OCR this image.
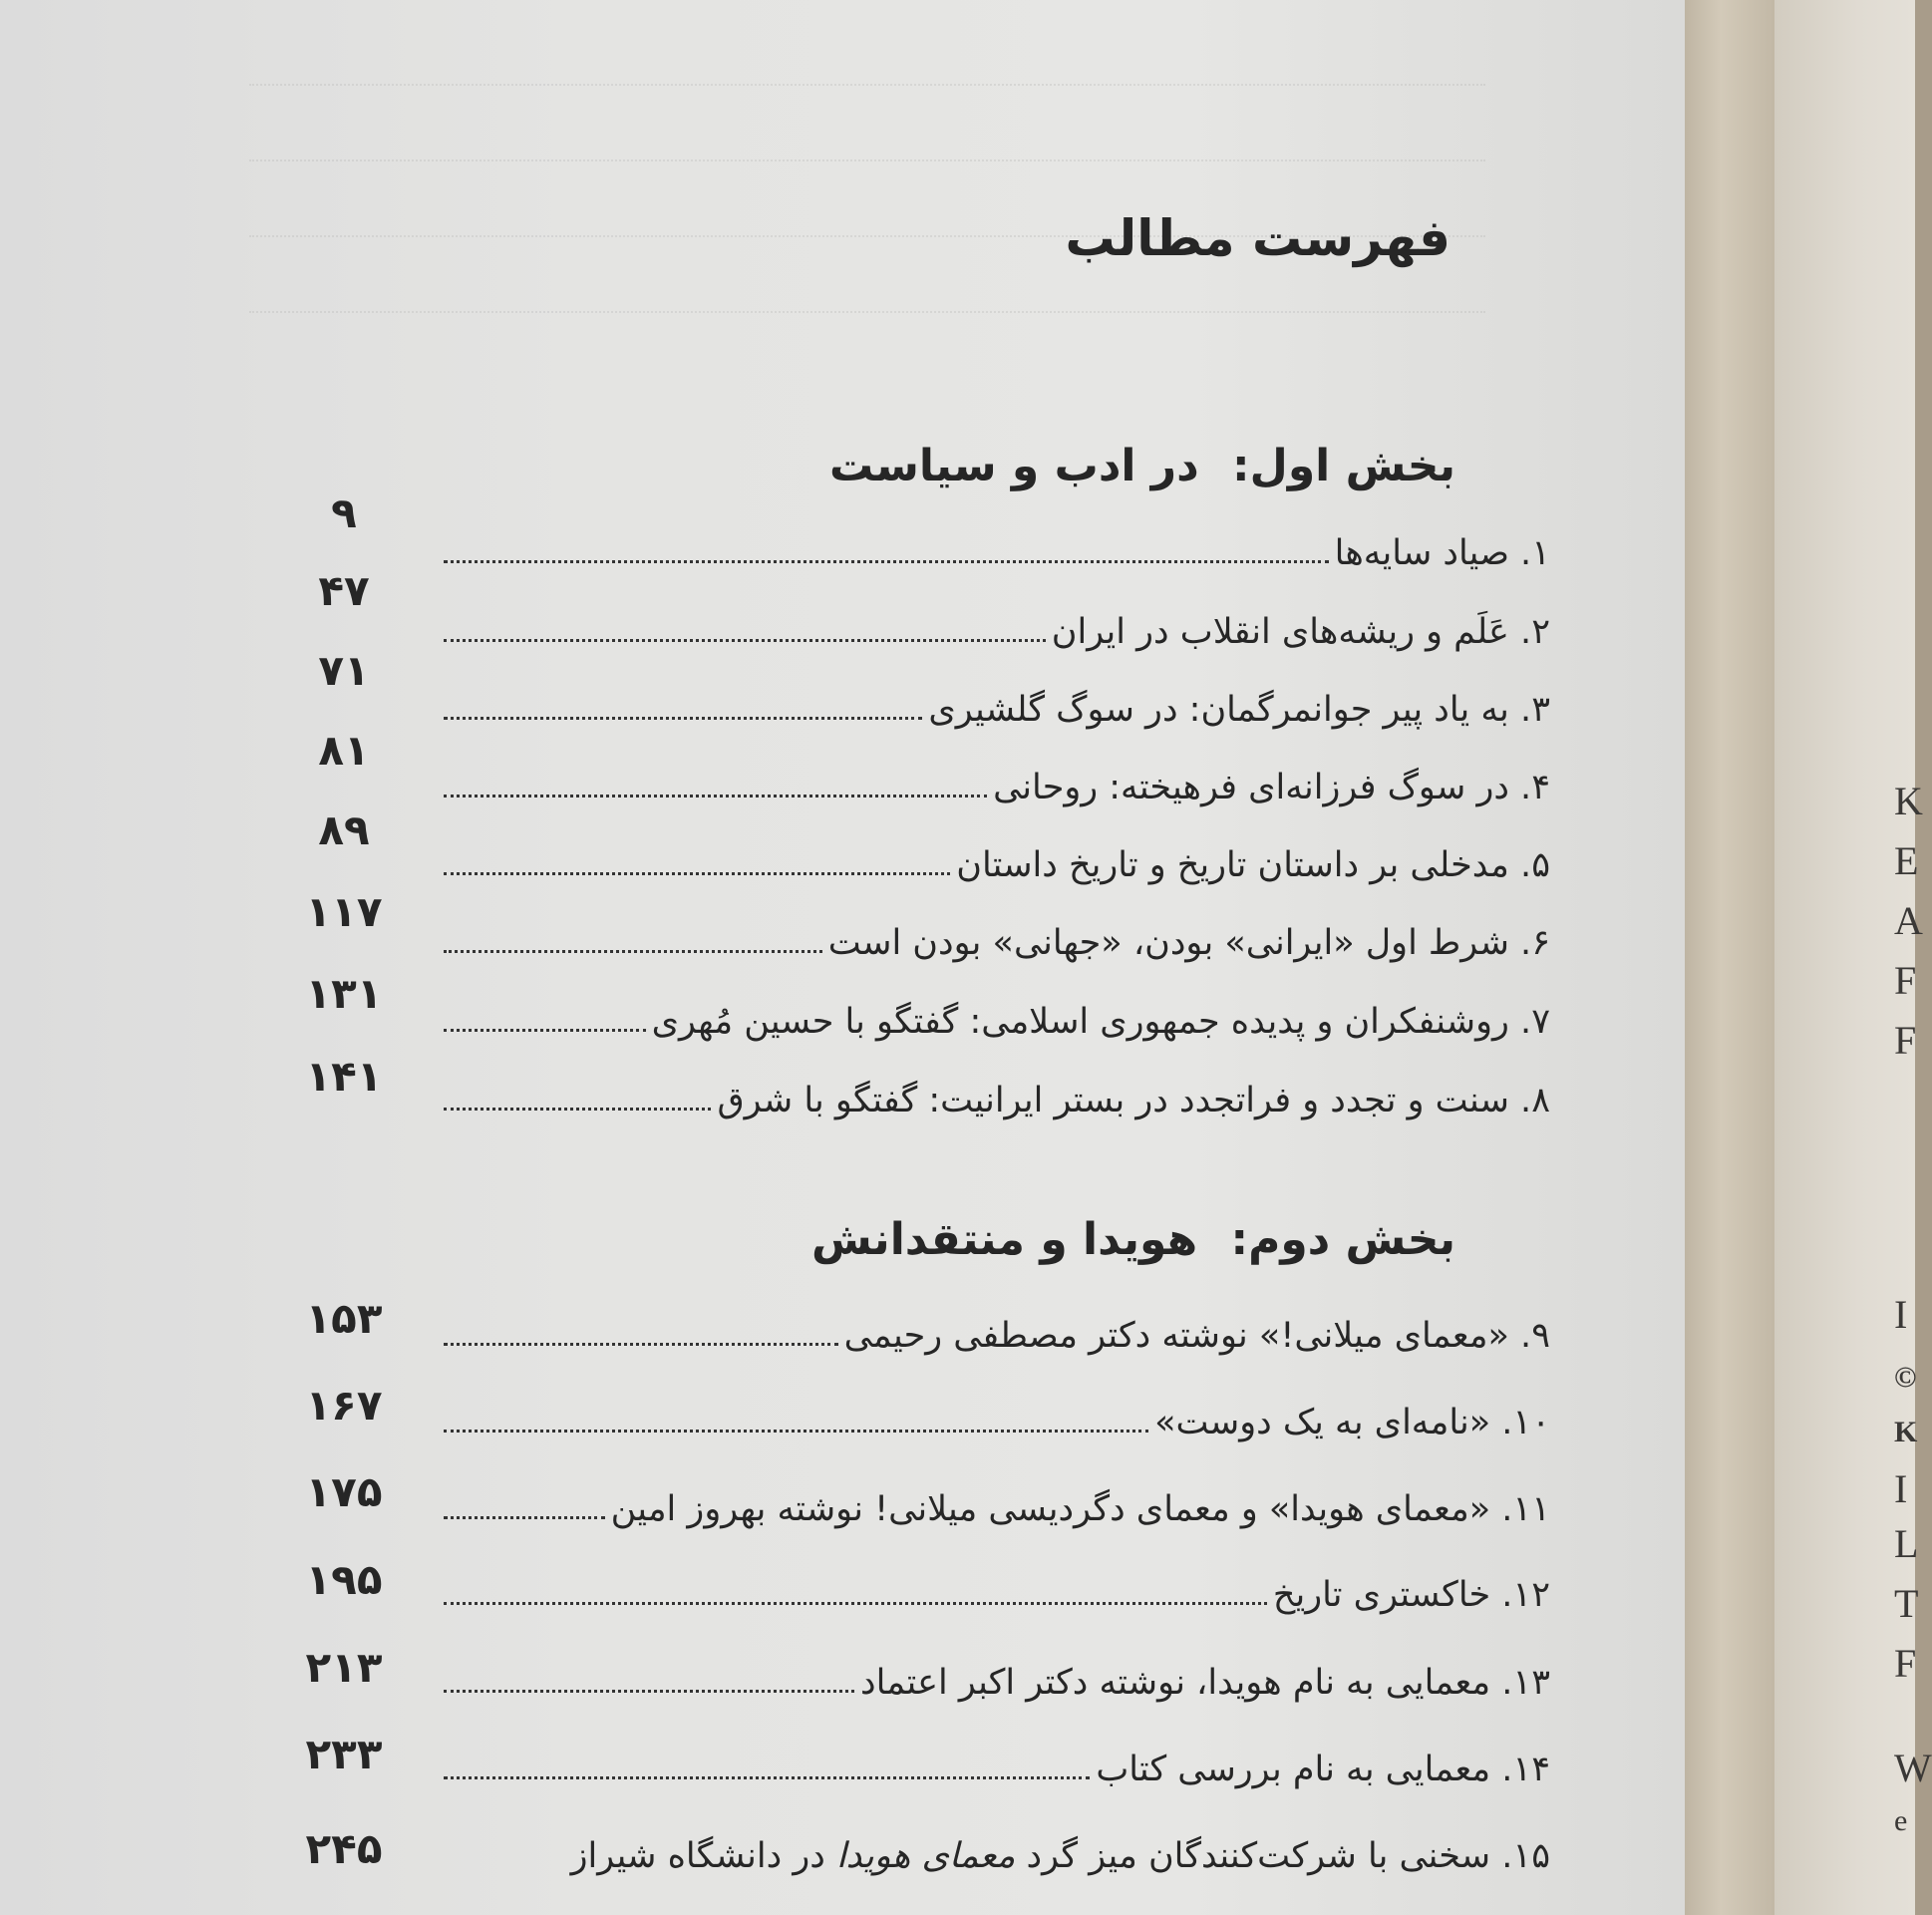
فهرست مطالب
بخش اول: در ادب و سیاست
۱. صیاد سایه‌ها
۹
۲. عَلَم و ریشه‌های انقلاب در ایران
۴۷
۳. به یاد پیر جوانمرگمان: در سوگ گلشیری
۷۱
۴. در سوگ فرزانه‌ای فرهیخته: روحانی
۸۱
۵. مدخلی بر داستان تاریخ و تاریخ داستان
۸۹
۶. شرط اول «ایرانی» بودن، «جهانی» بودن است
۱۱۷
۷. روشنفکران و پدیده جمهوری اسلامی: گفتگو با حسین مُهری
۱۳۱
۸. سنت و تجدد و فراتجدد در بستر ایرانیت: گفتگو با شرق
۱۴۱
بخش دوم: هویدا و منتقدانش
۹. «معمای میلانی!» نوشته دکتر مصطفی رحیمی
۱۵۳
۱۰. «نامه‌ای به یک دوست»
۱۶۷
۱۱. «معمای هویدا» و معمای دگردیسی میلانی! نوشته بهروز امین
۱۷۵
۱۲. خاکستری تاریخ
۱۹۵
۱۳. معمایی به نام هویدا، نوشته دکتر اکبر اعتماد
۲۱۳
۱۴. معمایی به نام بررسی کتاب
۲۳۳
۱۵. سخنی با شرکت‌کنندگان میز گرد معمای هویدا در دانشگاه شیراز
۲۴۵
K
E
A
F
F
I
©
K
I
L
T
F
W
e
